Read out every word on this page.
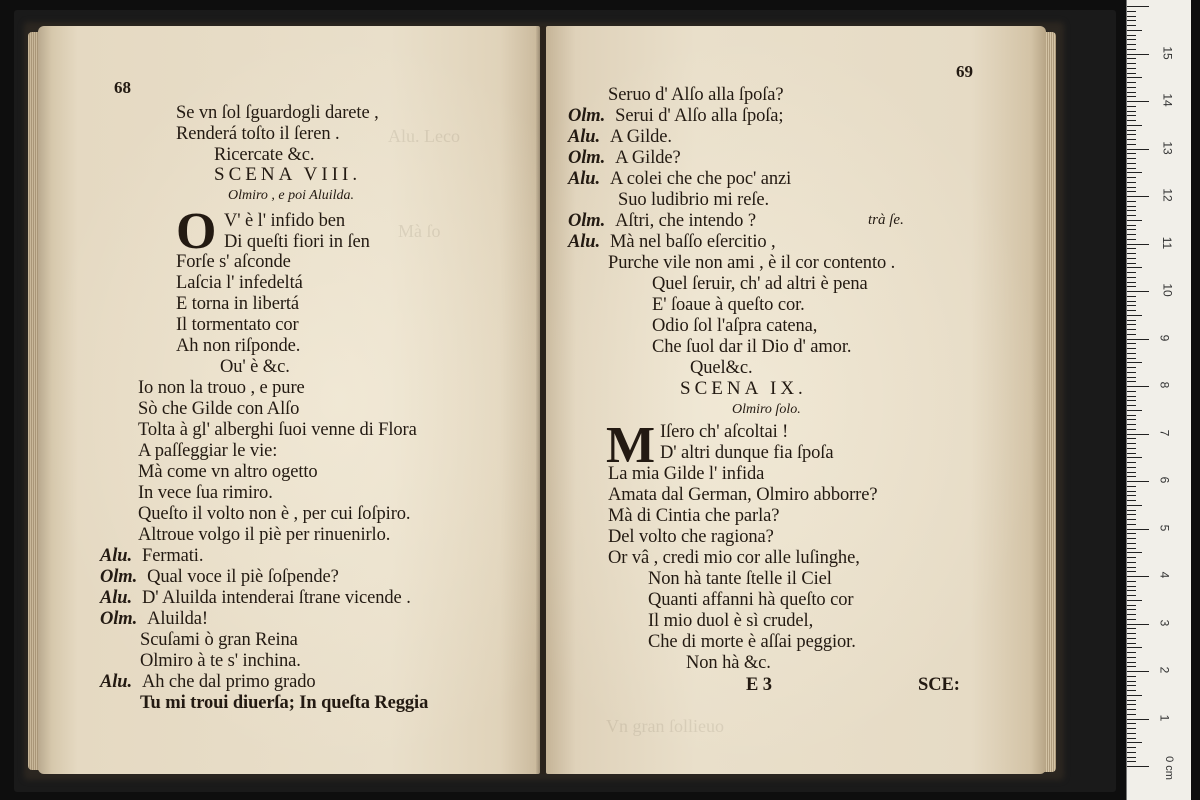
Alu. Leco
Mà ſo
68
Se vn ſol ſguardogli darete ,
Renderá toſto il ſeren .
Ricercate &c.
SCENA VIII.
Olmiro , e poi Aluilda.
O V' è l' infido ben
Di queſti fiori in ſen
Forſe s' aſconde
Laſcia l' infedeltá
E torna in libertá
Il tormentato cor
Ah non riſponde.
Ou' è &c.
Io non la trouo , e pure
Sò che Gilde con Alſo
Tolta à gl' alberghi ſuoi venne di Flora
A paſſeggiar le vie:
Mà come vn altro ogetto
In vece ſua rimiro.
Queſto il volto non è , per cui ſoſpiro.
Altroue volgo il piè per rinuenirlo.
Alu. Fermati.
Olm. Qual voce il piè ſoſpende?
Alu. D' Aluilda intenderai ſtrane vicende .
Olm. Aluilda!
Scuſami ò gran Reina
Olmiro à te s' inchina.
Alu. Ah che dal primo grado
Tu mi troui diuerſa; In queſta Reggia
Vn gran ſollieuo
69
Seruo d' Alſo alla ſpoſa?
Olm. Serui d' Alſo alla ſpoſa;
Alu. A Gilde.
Olm. A Gilde?
Alu. A colei che che poc' anzi
Suo ludibrio mi reſe.
Olm. Aſtri, che intendo ?	trà ſe.
Alu. Mà nel baſſo eſercitio ,
Purche vile non ami , è il cor contento .
Quel ſeruir, ch' ad altri è pena
E' ſoaue à queſto cor.
Odio ſol l'aſpra catena,
Che ſuol dar il Dio d' amor.
Quel&c.
SCENA IX.
Olmiro ſolo.
M Iſero ch' aſcoltai !
D' altri dunque fia ſpoſa
La mia Gilde l' infida
Amata dal German, Olmiro abborre?
Mà di Cintia che parla?
Del volto che ragiona?
Or vâ , credi mio cor alle luſinghe,
Non hà tante ſtelle il Ciel
Quanti affanni hà queſto cor
Il mio duol è sì crudel,
Che di morte è aſſai peggior.
Non hà &c.
E 3	SCE:
1
2
3
4
5
6
7
8
9
10
11
12
13
14
15
0 cm
